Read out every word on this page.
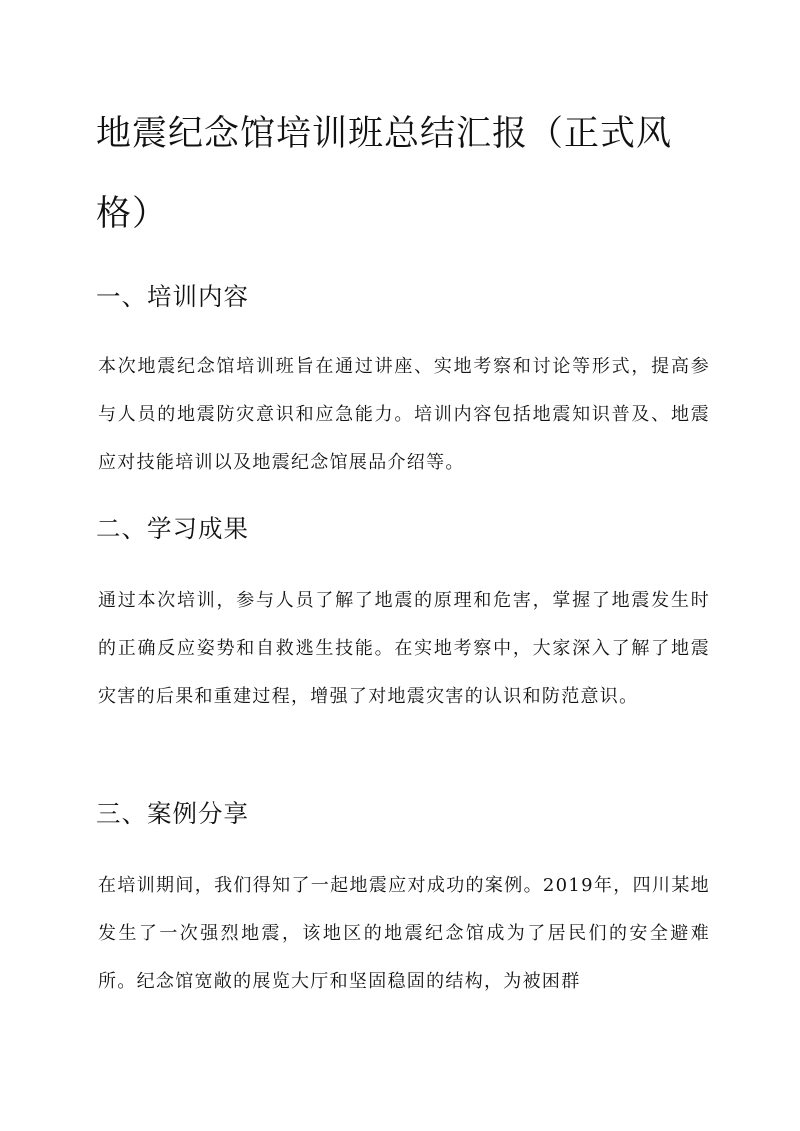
地震纪念馆培训班总结汇报（正式风格）
一、培训内容

本次地震纪念馆培训班旨在通过讲座、实地考察和讨论等形式，提高参与人员的地震防灾意识和应急能力。培训内容包括地震知识普及、地震应对技能培训以及地震纪念馆展品介绍等。

二、学习成果

通过本次培训，参与人员了解了地震的原理和危害，掌握了地震发生时的正确反应姿势和自救逃生技能。在实地考察中，大家深入了解了地震灾害的后果和重建过程，增强了对地震灾害的认识和防范意识。

三、案例分享

在培训期间，我们得知了一起地震应对成功的案例。2019年，四川某地发生了一次强烈地震，该地区的地震纪念馆成为了居民们的安全避难所。纪念馆宽敞的展览大厅和坚固稳固的结构，为被困群
